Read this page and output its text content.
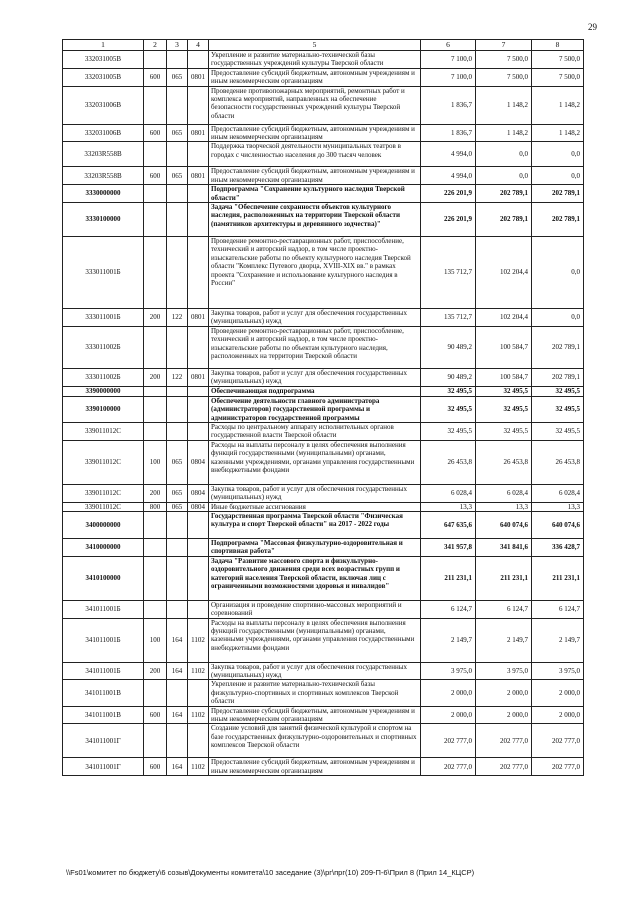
29
1	2	3	4	5	6	7	8
332031005В				Укрепление и развитие материально-технической базы государственных учреждений культуры Тверской области	7 100,0	7 500,0	7 500,0
332031005В	600	065	0801	Предоставление субсидий бюджетным, автономным учреждениям и иным некоммерческим организациям	7 100,0	7 500,0	7 500,0
332031006В				Проведение противопожарных мероприятий, ремонтных работ и комплекса мероприятий, направленных на обеспечение безопасности государственных учреждений культуры Тверской области	1 836,7	1 148,2	1 148,2
332031006В	600	065	0801	Предоставление субсидий бюджетным, автономным учреждениям и иным некоммерческим организациям	1 836,7	1 148,2	1 148,2
33203R558В				Поддержка творческой деятельности муниципальных театров в городах с численностью населения до 300 тысяч человек	4 994,0	0,0	0,0
33203R558В	600	065	0801	Предоставление субсидий бюджетным, автономным учреждениям и иным некоммерческим организациям	4 994,0	0,0	0,0
3330000000				Подпрограмма "Сохранение культурного наследия Тверской области"	226 201,9	202 789,1	202 789,1
3330100000				Задача "Обеспечение сохранности объектов культурного наследия, расположенных на территории Тверской области (памятников архитектуры и деревянного зодчества)"	226 201,9	202 789,1	202 789,1
333011001Б				Проведение ремонтно-реставрационных работ, приспособление, технический и авторский надзор, в том числе проектно-изыскательские работы по объекту культурного наследия Тверской области "Комплекс Путевого дворца, XVIII-XIX вв." в рамках проекта "Сохранение и использование культурного наследия в России"	135 712,7	102 204,4	0,0
333011001Б	200	122	0801	Закупка товаров, работ и услуг для обеспечения государственных (муниципальных) нужд	135 712,7	102 204,4	0,0
333011002Б				Проведение ремонтно-реставрационных работ, приспособление, технический и авторский надзор, в том числе проектно-изыскательские работы по объектам культурного наследия, расположенных на территории Тверской области	90 489,2	100 584,7	202 789,1
333011002Б	200	122	0801	Закупка товаров, работ и услуг для обеспечения государственных (муниципальных) нужд	90 489,2	100 584,7	202 789,1
3390000000				Обеспечивающая подпрограмма	32 495,5	32 495,5	32 495,5
3390100000				Обеспечение деятельности главного администратора (администраторов) государственной программы и администраторов государственной программы	32 495,5	32 495,5	32 495,5
339011012С				Расходы по центральному аппарату исполнительных органов государственной власти Тверской области	32 495,5	32 495,5	32 495,5
339011012С	100	065	0804	Расходы на выплаты персоналу в целях обеспечения выполнения функций государственными (муниципальными) органами, казенными учреждениями, органами управления государственными внебюджетными фондами	26 453,8	26 453,8	26 453,8
339011012С	200	065	0804	Закупка товаров, работ и услуг для обеспечения государственных (муниципальных) нужд	6 028,4	6 028,4	6 028,4
339011012С	800	065	0804	Иные бюджетные ассигнования	13,3	13,3	13,3
3400000000				Государственная программа Тверской области "Физическая культура и спорт Тверской области" на 2017 - 2022 годы	647 635,6	640 074,6	640 074,6
3410000000				Подпрограмма "Массовая физкультурно-оздоровительная и спортивная работа"	341 957,8	341 841,6	336 428,7
3410100000				Задача "Развитие массового спорта и физкультурно-оздоровительного движения среди всех возрастных групп и категорий населения Тверской области, включая лиц с ограниченными возможностями здоровья и инвалидов"	211 231,1	211 231,1	211 231,1
341011001Б				Организация и проведение спортивно-массовых мероприятий и соревнований	6 124,7	6 124,7	6 124,7
341011001Б	100	164	1102	Расходы на выплаты персоналу в целях обеспечения выполнения функций государственными (муниципальными) органами, казенными учреждениями, органами управления государственными внебюджетными фондами	2 149,7	2 149,7	2 149,7
341011001Б	200	164	1102	Закупка товаров, работ и услуг для обеспечения государственных (муниципальных) нужд	3 975,0	3 975,0	3 975,0
341011001В				Укрепление и развитие материально-технической базы физкультурно-спортивных и спортивных комплексов Тверской области	2 000,0	2 000,0	2 000,0
341011001В	600	164	1102	Предоставление субсидий бюджетным, автономным учреждениям и иным некоммерческим организациям	2 000,0	2 000,0	2 000,0
341011001Г				Создание условий для занятий физической культурой и спортом на базе государственных физкультурно-оздоровительных и спортивных комплексов Тверской области	202 777,0	202 777,0	202 777,0
341011001Г	600	164	1102	Предоставление субсидий бюджетным, автономным учреждениям и иным некоммерческим организациям	202 777,0	202 777,0	202 777,0
\\Fs01\комитет по бюджету\6 созыв\Документы комитета\10 заседание (3)\рг\прг(10) 209-П-6\Прил 8 (Прил 14_КЦСР)
